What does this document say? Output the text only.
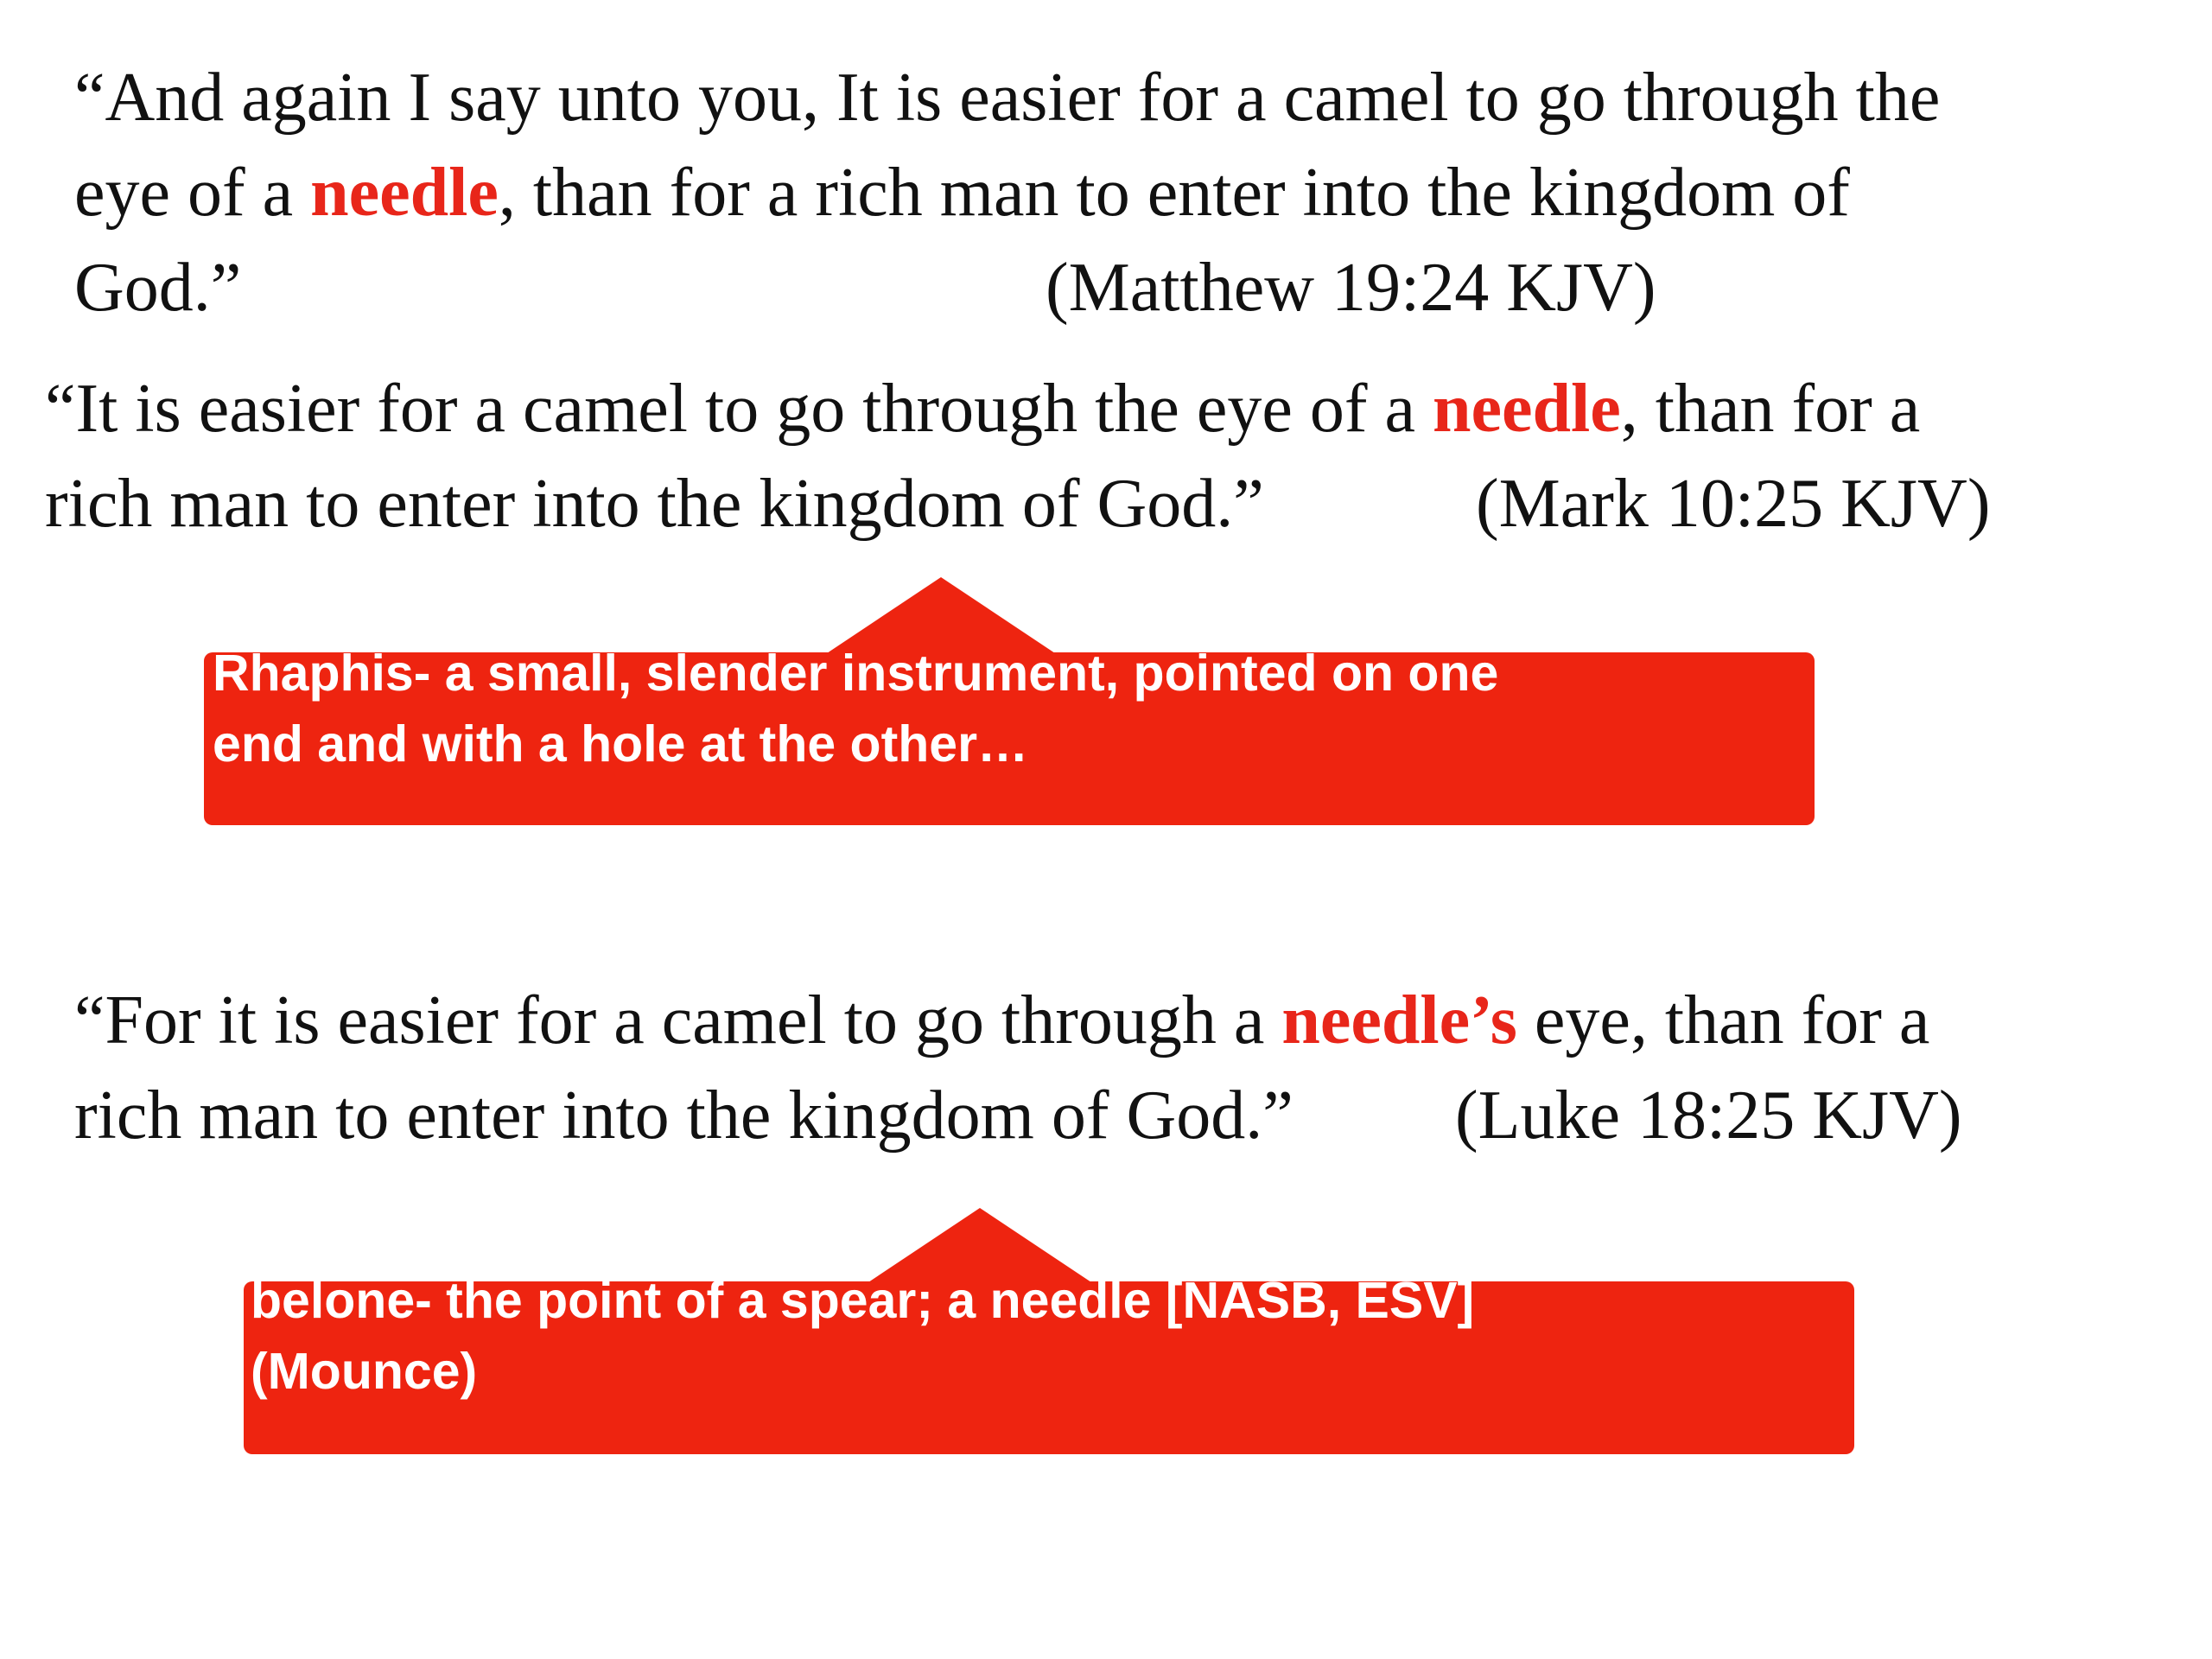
“And again I say unto you, It is easier for a camel to go through the
eye of a needle, than for a rich man to enter into the kingdom of
God.”	(Matthew 19:24 KJV)
“It is easier for a camel to go through the eye of a needle, than for a
rich man to enter into the kingdom of God.”	(Mark 10:25 KJV)
Rhaphis- a small, slender instrument, pointed on one
end and with a hole at the other…
“For it is easier for a camel to go through a needle’s eye, than for a
rich man to enter into the kingdom of God.” (Luke 18:25 KJV)
belone- the point of a spear; a needle [NASB, ESV]
(Mounce)
